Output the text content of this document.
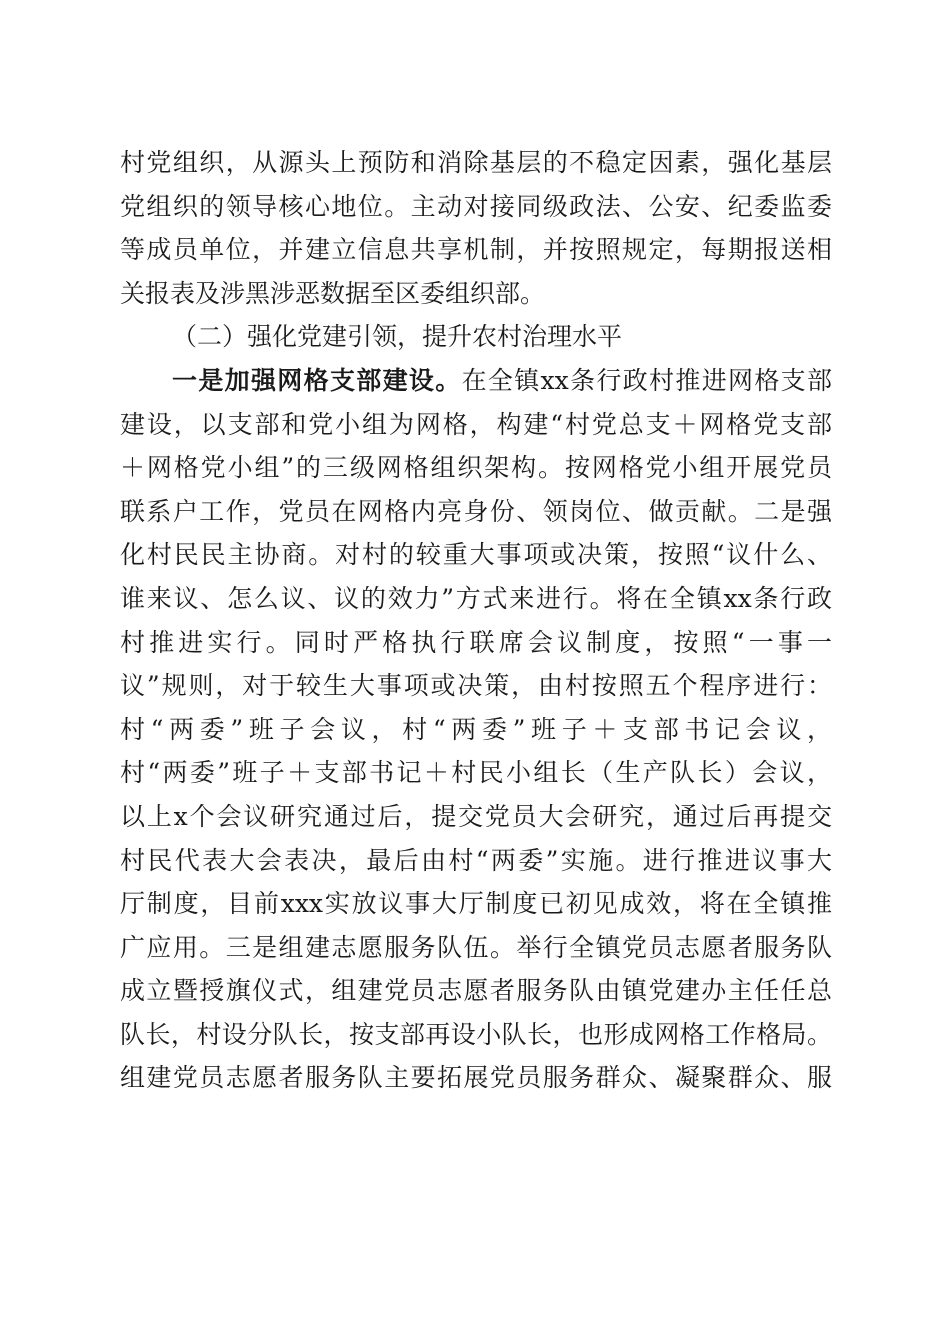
村党组织，从源头上预防和消除基层的不稳定因素，强化基层
党组织的领导核心地位。主动对接同级政法、公安、纪委监委
等成员单位，并建立信息共享机制，并按照规定，每期报送相
关报表及涉黑涉恶数据至区委组织部。
（二）强化党建引领，提升农村治理水平
一是加强网格支部建设。在全镇xx条行政村推进网格支部
建设，以支部和党小组为网格，构建“村党总支＋网格党支部
＋网格党小组”的三级网格组织架构。按网格党小组开展党员
联系户工作，党员在网格内亮身份、领岗位、做贡献。二是强
化村民民主协商。对村的较重大事项或决策，按照“议什么、
谁来议、怎么议、议的效力”方式来进行。将在全镇xx条行政
村推进实行。同时严格执行联席会议制度，按照“一事一
议”规则，对于较生大事项或决策，由村按照五个程序进行：
村“两委”班子会议，村“两委”班子＋支部书记会议，
村“两委”班子＋支部书记＋村民小组长（生产队长）会议，
以上x个会议研究通过后，提交党员大会研究，通过后再提交
村民代表大会表决，最后由村“两委”实施。进行推进议事大
厅制度，目前xxx实放议事大厅制度已初见成效，将在全镇推
广应用。三是组建志愿服务队伍。举行全镇党员志愿者服务队
成立暨授旗仪式，组建党员志愿者服务队由镇党建办主任任总
队长，村设分队长，按支部再设小队长，也形成网格工作格局。
组建党员志愿者服务队主要拓展党员服务群众、凝聚群众、服
